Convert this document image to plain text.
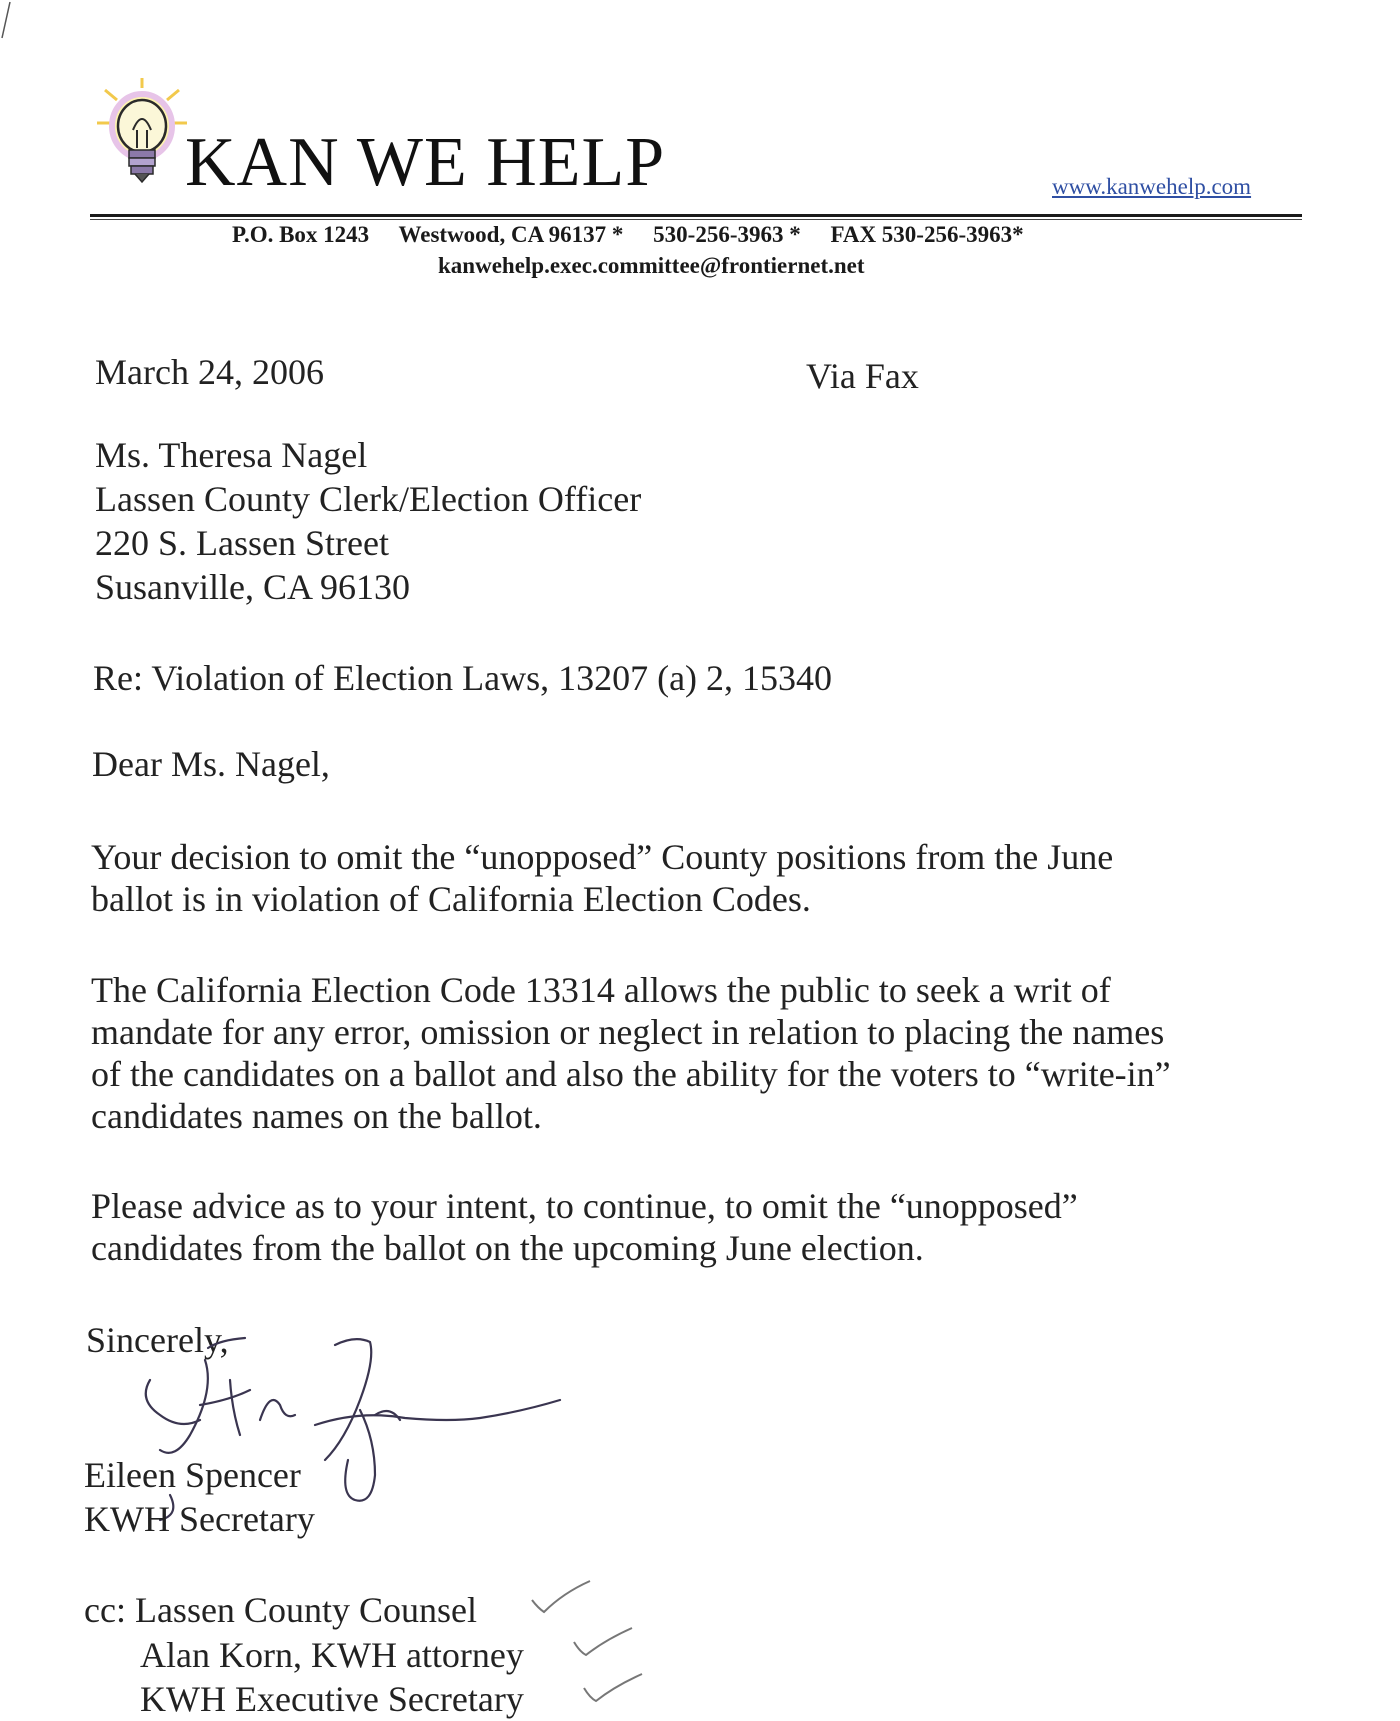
KAN WE HELP	www.kanwehelp.com
P.O. Box 1243 Westwood, CA 96137 * 530-256-3963 * FAX 530-256-3963*
kanwehelp.exec.committee@frontiernet.net
March 24, 2006	Via Fax
Ms. Theresa Nagel
Lassen County Clerk/Election Officer
220 S. Lassen Street
Susanville, CA 96130
Re: Violation of Election Laws, 13207 (a) 2, 15340
Dear Ms. Nagel,
Your decision to omit the “unopposed” County positions from the June
ballot is in violation of California Election Codes.
The California Election Code 13314 allows the public to seek a writ of
mandate for any error, omission or neglect in relation to placing the names
of the candidates on a ballot and also the ability for the voters to “write-in”
candidates names on the ballot.
Please advice as to your intent, to continue, to omit the “unopposed”
candidates from the ballot on the upcoming June election.
Sincerely,
Eileen Spencer
KWH Secretary
cc: Lassen County Counsel
Alan Korn, KWH attorney
KWH Executive Secretary
